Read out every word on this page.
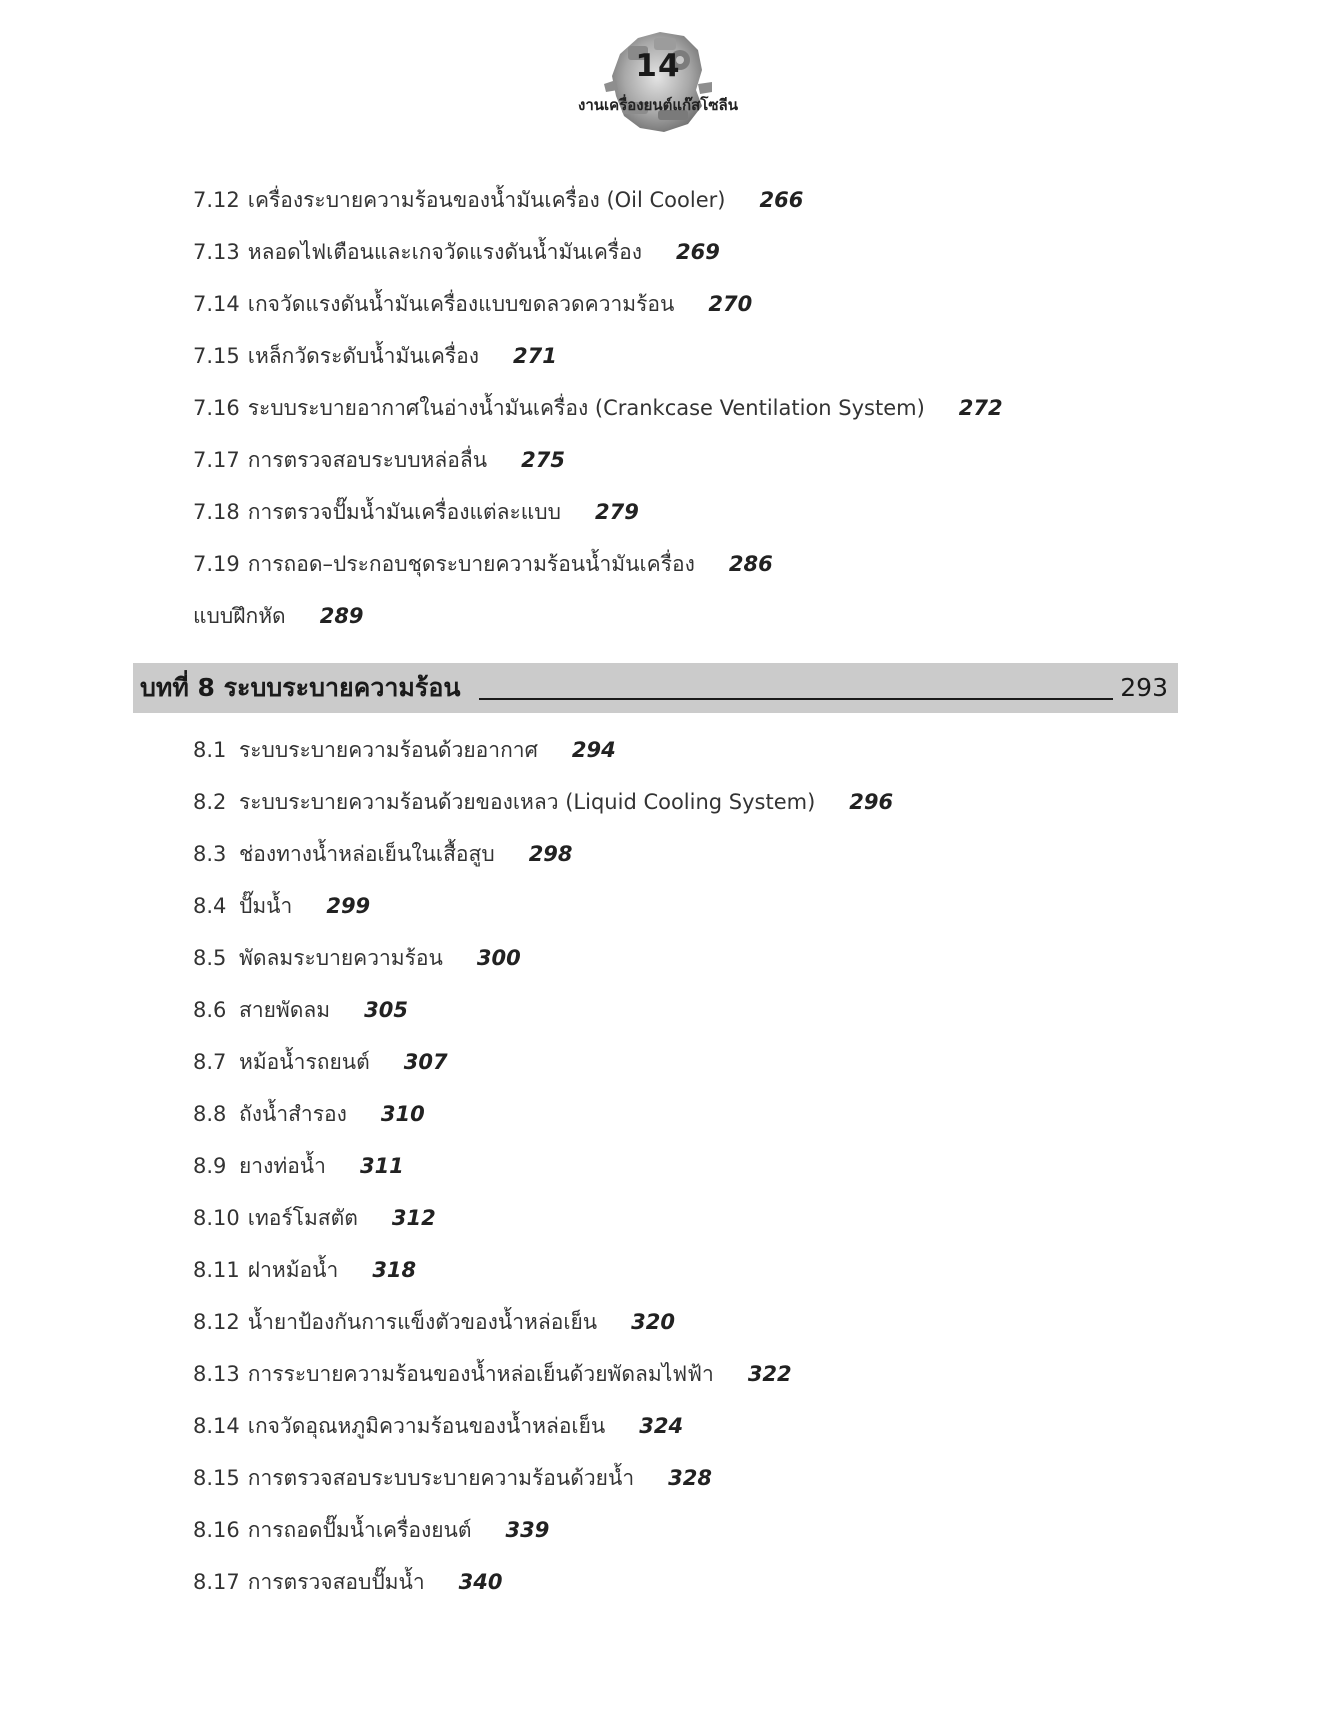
14
งานเครื่องยนต์แก๊สโซลีน
7.12 เครื่องระบายความร้อนของน้ำมันเครื่อง (Oil Cooler) 266
7.13 หลอดไฟเตือนและเกจวัดแรงดันน้ำมันเครื่อง 269
7.14 เกจวัดแรงดันน้ำมันเครื่องแบบขดลวดความร้อน 270
7.15 เหล็กวัดระดับน้ำมันเครื่อง 271
7.16 ระบบระบายอากาศในอ่างน้ำมันเครื่อง (Crankcase Ventilation System) 272
7.17 การตรวจสอบระบบหล่อลื่น 275
7.18 การตรวจปั๊มน้ำมันเครื่องแต่ละแบบ 279
7.19 การถอด–ประกอบชุดระบายความร้อนน้ำมันเครื่อง 286
แบบฝึกหัด 289
บทที่ 8 ระบบระบายความร้อน	293
8.1 ระบบระบายความร้อนด้วยอากาศ 294
8.2 ระบบระบายความร้อนด้วยของเหลว (Liquid Cooling System) 296
8.3 ช่องทางน้ำหล่อเย็นในเสื้อสูบ 298
8.4 ปั๊มน้ำ 299
8.5 พัดลมระบายความร้อน 300
8.6 สายพัดลม 305
8.7 หม้อน้ำรถยนต์ 307
8.8 ถังน้ำสำรอง 310
8.9 ยางท่อน้ำ 311
8.10 เทอร์โมสตัต 312
8.11 ฝาหม้อน้ำ 318
8.12 น้ำยาป้องกันการแข็งตัวของน้ำหล่อเย็น 320
8.13 การระบายความร้อนของน้ำหล่อเย็นด้วยพัดลมไฟฟ้า 322
8.14 เกจวัดอุณหภูมิความร้อนของน้ำหล่อเย็น 324
8.15 การตรวจสอบระบบระบายความร้อนด้วยน้ำ 328
8.16 การถอดปั๊มน้ำเครื่องยนต์ 339
8.17 การตรวจสอบปั๊มน้ำ 340
